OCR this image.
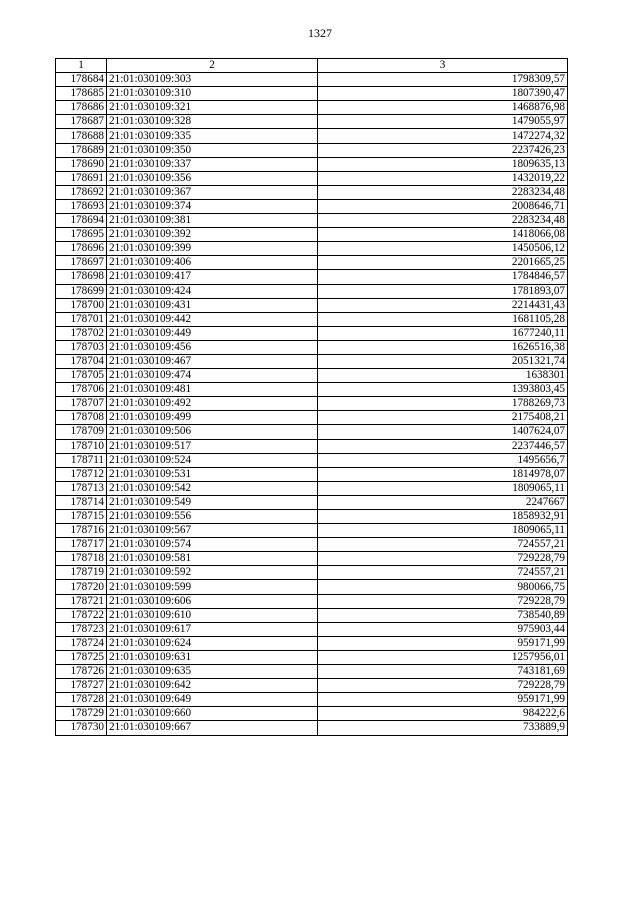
1327
1	2	3
178684	21:01:030109:303	1798309,57
178685	21:01:030109:310	1807390,47
178686	21:01:030109:321	1468876,98
178687	21:01:030109:328	1479055,97
178688	21:01:030109:335	1472274,32
178689	21:01:030109:350	2237426,23
178690	21:01:030109:337	1809635,13
178691	21:01:030109:356	1432019,22
178692	21:01:030109:367	2283234,48
178693	21:01:030109:374	2008646,71
178694	21:01:030109:381	2283234,48
178695	21:01:030109:392	1418066,08
178696	21:01:030109:399	1450506,12
178697	21:01:030109:406	2201665,25
178698	21:01:030109:417	1784846,57
178699	21:01:030109:424	1781893,07
178700	21:01:030109:431	2214431,43
178701	21:01:030109:442	1681105,28
178702	21:01:030109:449	1677240,11
178703	21:01:030109:456	1626516,38
178704	21:01:030109:467	2051321,74
178705	21:01:030109:474	1638301
178706	21:01:030109:481	1393803,45
178707	21:01:030109:492	1788269,73
178708	21:01:030109:499	2175408,21
178709	21:01:030109:506	1407624,07
178710	21:01:030109:517	2237446,57
178711	21:01:030109:524	1495656,7
178712	21:01:030109:531	1814978,07
178713	21:01:030109:542	1809065,11
178714	21:01:030109:549	2247667
178715	21:01:030109:556	1858932,91
178716	21:01:030109:567	1809065,11
178717	21:01:030109:574	724557,21
178718	21:01:030109:581	729228,79
178719	21:01:030109:592	724557,21
178720	21:01:030109:599	980066,75
178721	21:01:030109:606	729228,79
178722	21:01:030109:610	738540,89
178723	21:01:030109:617	975903,44
178724	21:01:030109:624	959171,99
178725	21:01:030109:631	1257956,01
178726	21:01:030109:635	743181,69
178727	21:01:030109:642	729228,79
178728	21:01:030109:649	959171,99
178729	21:01:030109:660	984222,6
178730	21:01:030109:667	733889,9
